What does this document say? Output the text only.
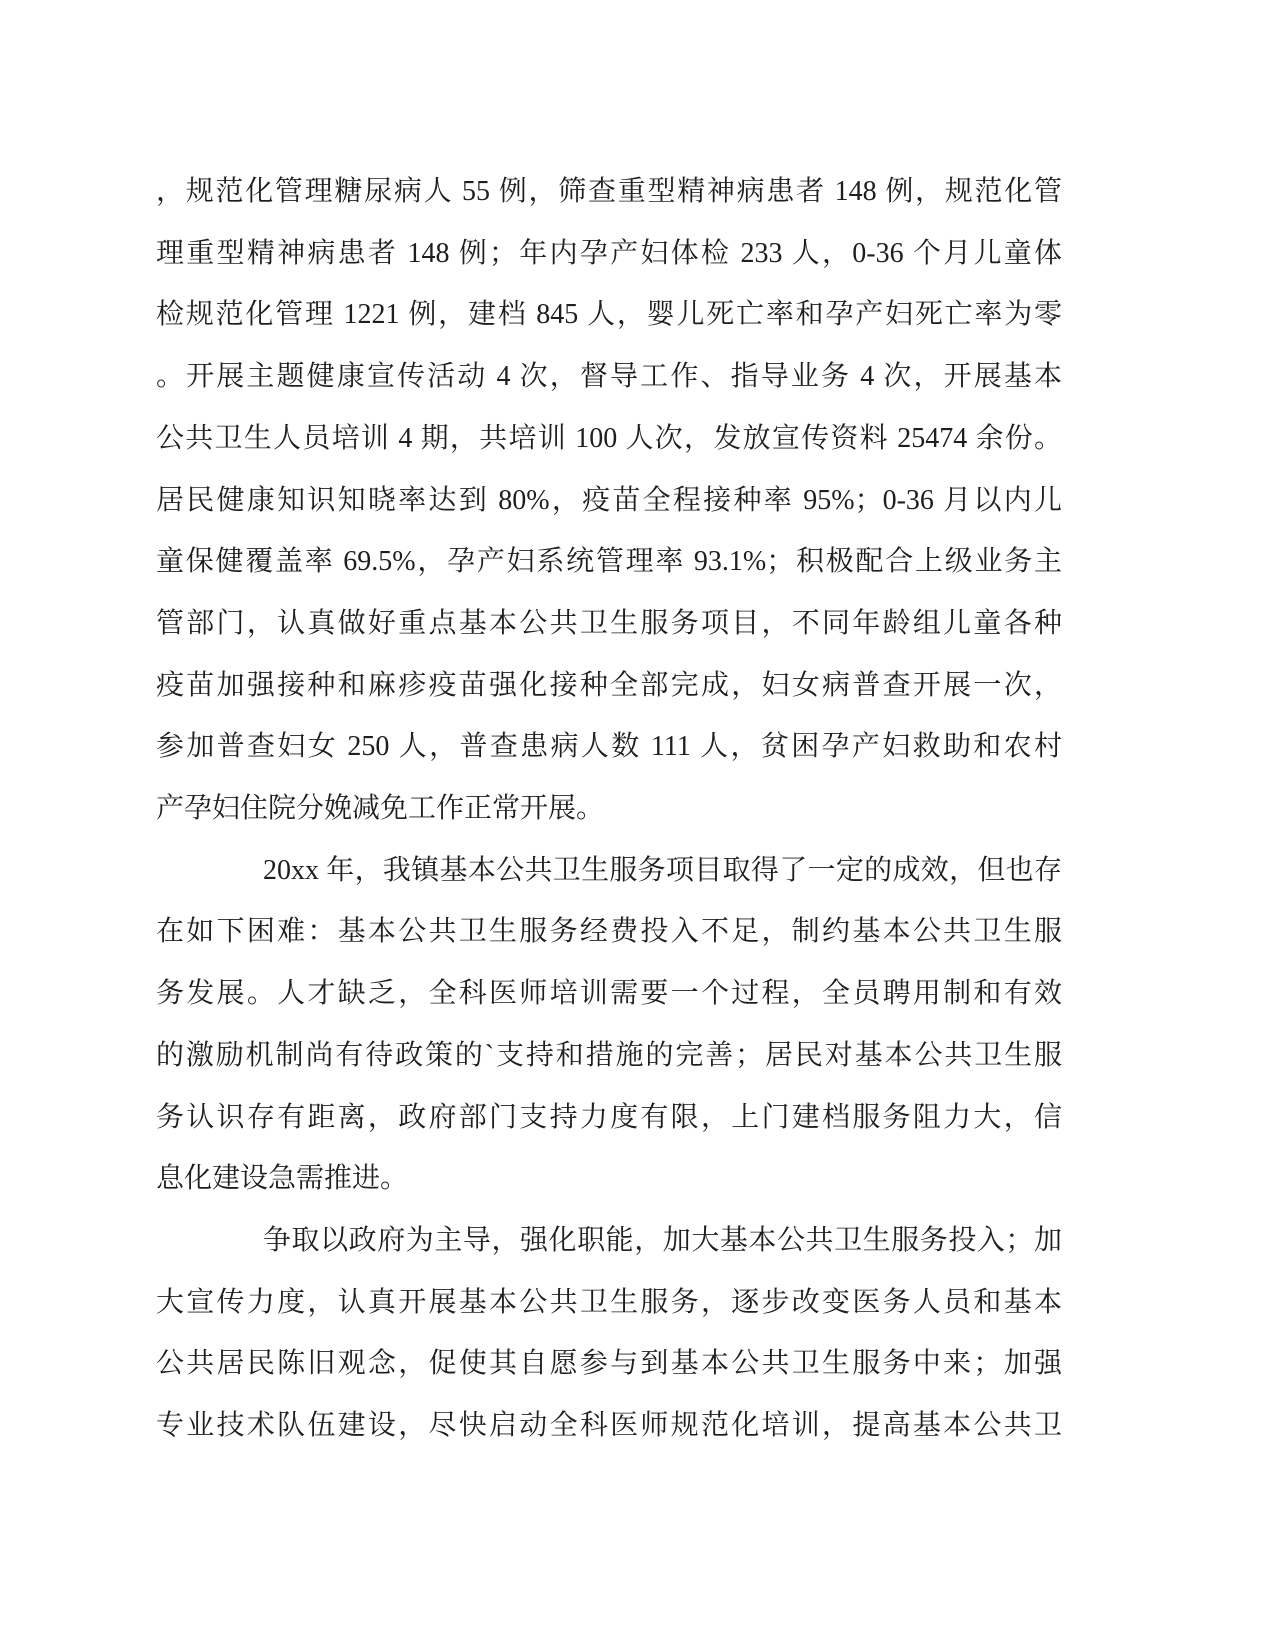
，规范化管理糖尿病人 55 例，筛查重型精神病患者 148 例，规范化管
理重型精神病患者 148 例；年内孕产妇体检 233 人，0-36 个月儿童体
检规范化管理 1221 例，建档 845 人，婴儿死亡率和孕产妇死亡率为零
。开展主题健康宣传活动 4 次，督导工作、指导业务 4 次，开展基本
公共卫生人员培训 4 期，共培训 100 人次，发放宣传资料 25474 余份。
居民健康知识知晓率达到 80%，疫苗全程接种率 95%；0-36 月以内儿
童保健覆盖率 69.5%，孕产妇系统管理率 93.1%；积极配合上级业务主
管部门，认真做好重点基本公共卫生服务项目，不同年龄组儿童各种
疫苗加强接种和麻疹疫苗强化接种全部完成，妇女病普查开展一次，
参加普查妇女 250 人，普查患病人数 111 人，贫困孕产妇救助和农村
产孕妇住院分娩减免工作正常开展。
20xx 年，我镇基本公共卫生服务项目取得了一定的成效，但也存
在如下困难：基本公共卫生服务经费投入不足，制约基本公共卫生服
务发展。人才缺乏，全科医师培训需要一个过程，全员聘用制和有效
的激励机制尚有待政策的`支持和措施的完善；居民对基本公共卫生服
务认识存有距离，政府部门支持力度有限，上门建档服务阻力大，信
息化建设急需推进。
争取以政府为主导，强化职能，加大基本公共卫生服务投入；加
大宣传力度，认真开展基本公共卫生服务，逐步改变医务人员和基本
公共居民陈旧观念，促使其自愿参与到基本公共卫生服务中来；加强
专业技术队伍建设，尽快启动全科医师规范化培训，提高基本公共卫
